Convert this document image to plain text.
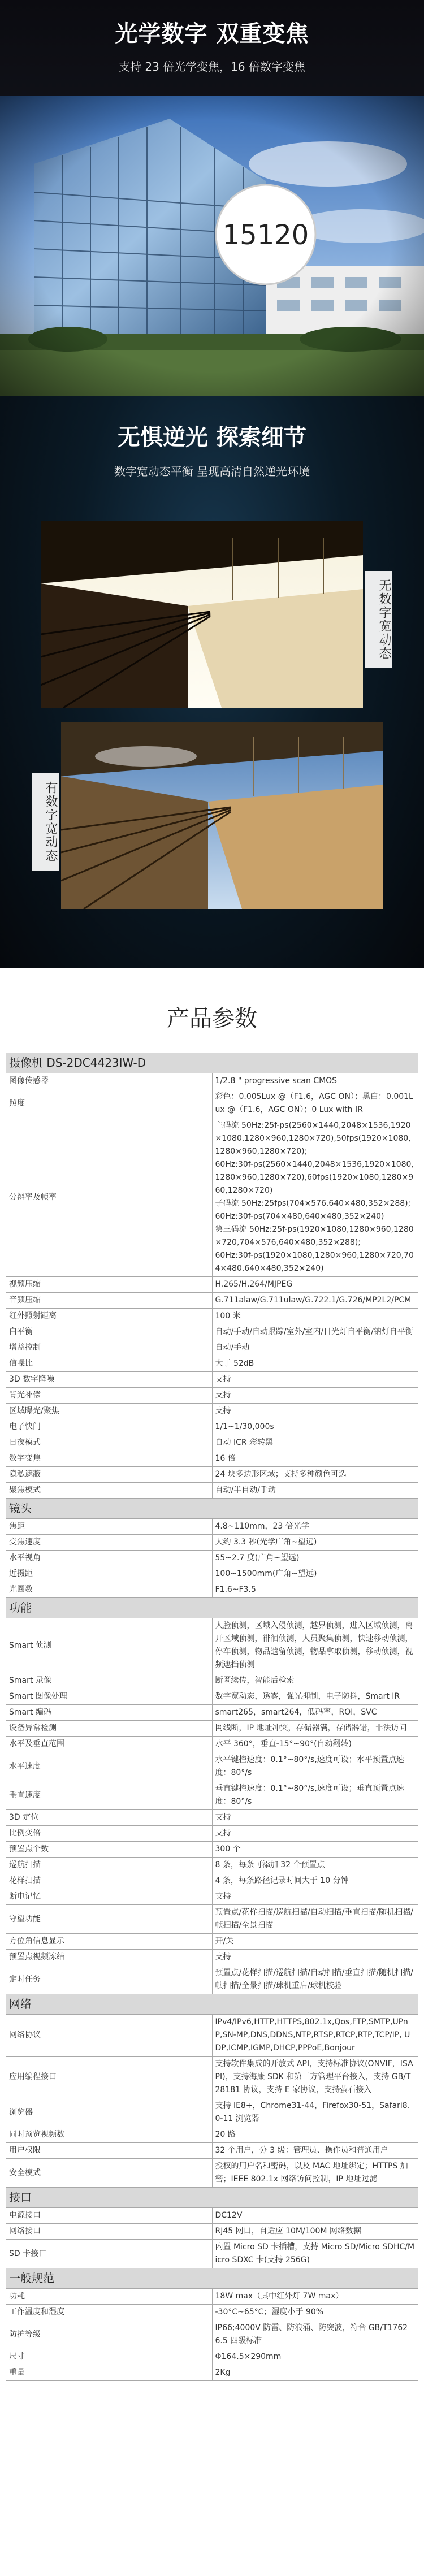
光学数字 双重变焦
支持 23 倍光学变焦，16 倍数字变焦
无惧逆光 探索细节
数字宽动态平衡 呈现高清自然逆光环境
无数字宽动态
有数字宽动态
产品参数
摄像机 DS-2DC4423IW-D	
图像传感器	1/2.8 " progressive scan CMOS
照度	彩色：0.005Lux @（F1.6，AGC ON）；黑白：0.001Lux @（F1.6，AGC ON）；0 Lux with IR
分辨率及帧率	主码流 50Hz:25f-ps(2560×1440,2048×1536,1920×1080,1280×960,1280×720),50fps(1920×1080,1280×960,1280×720);
60Hz:30f-ps(2560×1440,2048×1536,1920×1080,1280×960,1280×720),60fps(1920×1080,1280×960,1280×720)
子码流 50Hz:25fps(704×576,640×480,352×288);60Hz:30f-ps(704×480,640×480,352×240)
第三码流 50Hz:25f-ps(1920×1080,1280×960,1280×720,704×576,640×480,352×288);
60Hz:30f-ps(1920×1080,1280×960,1280×720,704×480,640×480,352×240)
视频压缩	H.265/H.264/MJPEG
音频压缩	G.711alaw/G.711ulaw/G.722.1/G.726/MP2L2/PCM
红外照射距离	100 米
白平衡	自动/手动/自动跟踪/室外/室内/日光灯自平衡/钠灯自平衡
增益控制	自动/手动
信噪比	大于 52dB
3D 数字降噪	支持
背光补偿	支持
区域曝光/聚焦	支持
电子快门	1/1~1/30,000s
日夜模式	自动 ICR 彩转黑
数字变焦	16 倍
隐私遮蔽	24 块多边形区域；支持多种颜色可选
聚焦模式	自动/半自动/手动
镜头	
焦距	4.8~110mm，23 倍光学
变焦速度	大约 3.3 秒(光学广角~望远)
水平视角	55~2.7 度(广角~望远)
近摄距	100~1500mm(广角~望远)
光圈数	F1.6~F3.5
功能	
Smart 侦测	人脸侦测，区域入侵侦测，越界侦测，进入区域侦测，离开区域侦测，徘徊侦测，人员聚集侦测，快速移动侦测，停车侦测，物品遗留侦测，物品拿取侦测，移动侦测，视频遮挡侦测
Smart 录像	断网续传，智能后检索
Smart 图像处理	数字宽动态，透雾，强光抑制，电子防抖，Smart IR
Smart 编码	smart265，smart264，低码率，ROI，SVC
设备异常检测	网线断，IP 地址冲突，存储器满，存储器错，非法访问
水平及垂直范围	水平 360°，垂直-15°~90°(自动翻转)
水平速度	水平键控速度：0.1°~80°/s,速度可设；水平预置点速度：80°/s
垂直速度	垂直键控速度：0.1°~80°/s,速度可设；垂直预置点速度：80°/s
3D 定位	支持
比例变倍	支持
预置点个数	300 个
巡航扫描	8 条，每条可添加 32 个预置点
花样扫描	4 条，每条路径记录时间大于 10 分钟
断电记忆	支持
守望功能	预置点/花样扫描/巡航扫描/自动扫描/垂直扫描/随机扫描/帧扫描/全景扫描
方位角信息显示	开/关
预置点视频冻结	支持
定时任务	预置点/花样扫描/巡航扫描/自动扫描/垂直扫描/随机扫描/帧扫描/全景扫描/球机重启/球机校验
网络	
网络协议	IPv4/IPv6,HTTP,HTTPS,802.1x,Qos,FTP,SMTP,UPnP,SN-MP,DNS,DDNS,NTP,RTSP,RTCP,RTP,TCP/IP, UDP,ICMP,IGMP,DHCP,PPPoE,Bonjour
应用编程接口	支持软件集成的开放式 API，支持标准协议(ONVIF，ISAPI)，支持海康 SDK 和第三方管理平台接入，支持 GB/T28181 协议，支持 E 家协议，支持萤石接入
浏览器	支持 IE8+，Chrome31-44，Firefox30-51，Safari8.0-11 浏览器
同时预览视频数	20 路
用户权限	32 个用户，分 3 级：管理员、操作员和普通用户
安全模式	授权的用户名和密码，以及 MAC 地址绑定；HTTPS 加密；IEEE 802.1x 网络访问控制，IP 地址过滤
接口	
电源接口	DC12V
网络接口	RJ45 网口，自适应 10M/100M 网络数据
SD 卡接口	内置 Micro SD 卡插槽，支持 Micro SD/Micro SDHC/Micro SDXC 卡(支持 256G)
一般规范	
功耗	18W max（其中红外灯 7W max）
工作温度和湿度	-30°C~65°C；湿度小于 90%
防护等级	IP66;4000V 防雷、防浪涌、防突波，符合 GB/T17626.5 四级标准
尺寸	Φ164.5×290mm
重量	2Kg
